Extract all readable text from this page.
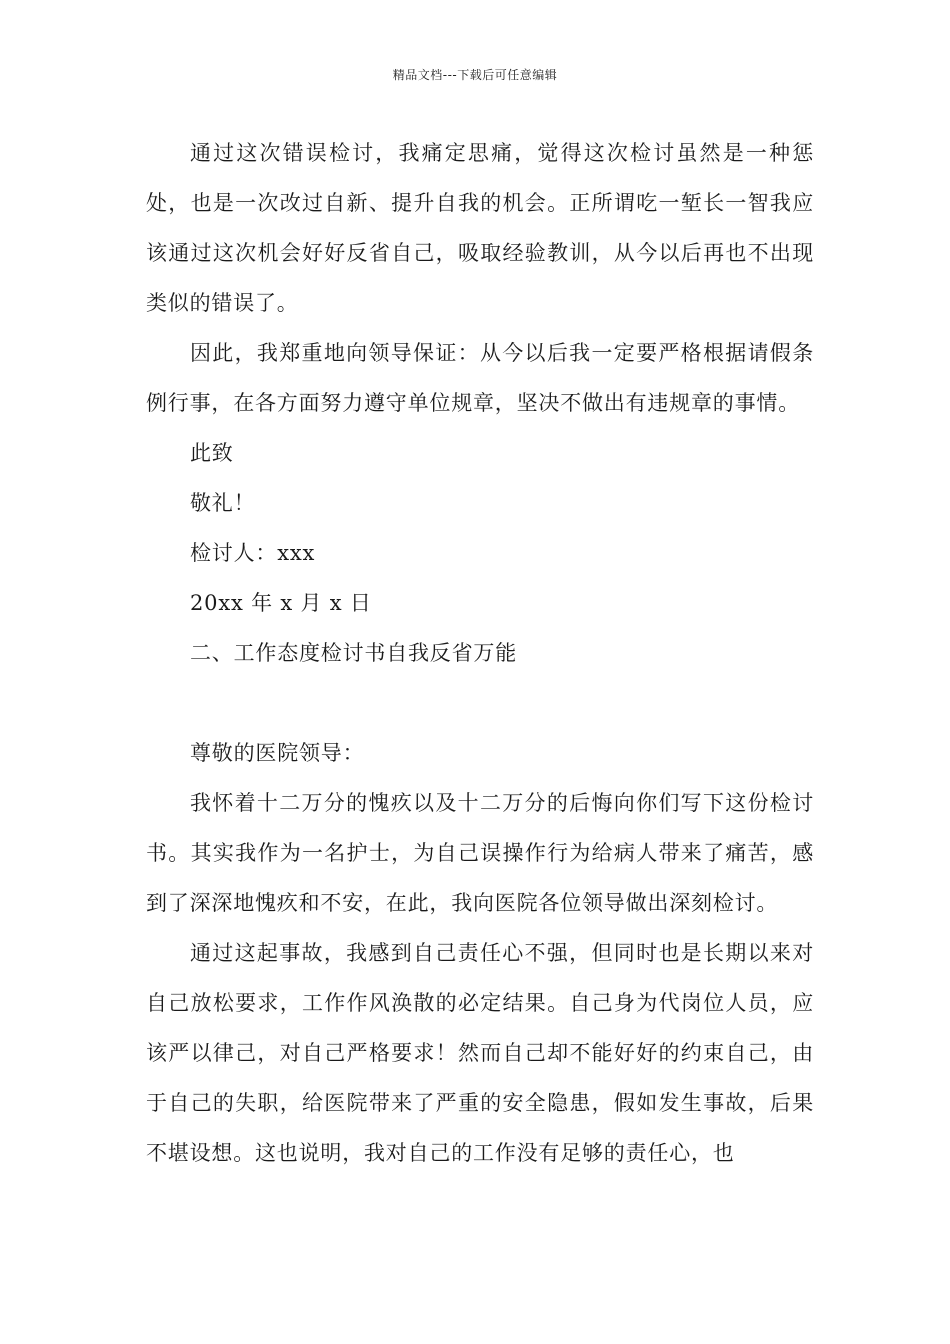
精品文档---下载后可任意编辑

通过这次错误检讨，我痛定思痛，觉得这次检讨虽然是一种惩处，也是一次改过自新、提升自我的机会。正所谓吃一堑长一智我应该通过这次机会好好反省自己，吸取经验教训，从今以后再也不出现类似的错误了。

因此，我郑重地向领导保证：从今以后我一定要严格根据请假条例行事，在各方面努力遵守单位规章，坚决不做出有违规章的事情。

此致

敬礼！

检讨人：xxx

20xx 年 x 月 x 日

二、工作态度检讨书自我反省万能

尊敬的医院领导：

我怀着十二万分的愧疚以及十二万分的后悔向你们写下这份检讨书。其实我作为一名护士，为自己误操作行为给病人带来了痛苦，感到了深深地愧疚和不安，在此，我向医院各位领导做出深刻检讨。

通过这起事故，我感到自己责任心不强，但同时也是长期以来对自己放松要求，工作作风涣散的必定结果。自己身为代岗位人员，应该严以律己，对自己严格要求！然而自己却不能好好的约束自己，由于自己的失职，给医院带来了严重的安全隐患，假如发生事故，后果不堪设想。这也说明，我对自己的工作没有足够的责任心，也
